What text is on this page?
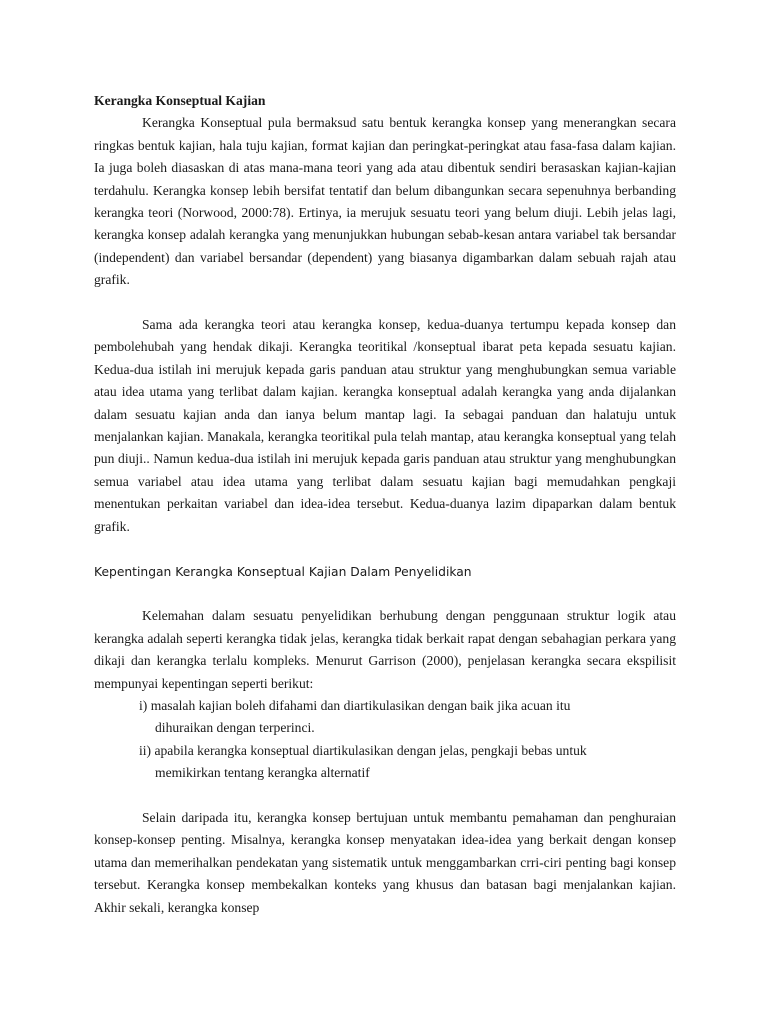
Kerangka Konseptual Kajian

Kerangka Konseptual pula bermaksud satu bentuk kerangka konsep yang menerangkan secara ringkas bentuk kajian, hala tuju kajian, format kajian dan peringkat-peringkat atau fasa-fasa dalam kajian. Ia juga boleh diasaskan di atas mana-mana teori yang ada atau dibentuk sendiri berasaskan kajian-kajian terdahulu. Kerangka konsep lebih bersifat tentatif dan belum dibangunkan secara sepenuhnya berbanding kerangka teori (Norwood, 2000:78). Ertinya, ia merujuk sesuatu teori yang belum diuji. Lebih jelas lagi, kerangka konsep adalah kerangka yang menunjukkan hubungan sebab-kesan antara variabel tak bersandar (independent) dan variabel bersandar (dependent) yang biasanya digambarkan dalam sebuah rajah atau grafik.

Sama ada kerangka teori atau kerangka konsep, kedua-duanya tertumpu kepada konsep dan pembolehubah yang hendak dikaji. Kerangka teoritikal /konseptual ibarat peta kepada sesuatu kajian. Kedua-dua istilah ini merujuk kepada garis panduan atau struktur yang menghubungkan semua variable atau idea utama yang terlibat dalam kajian. kerangka konseptual adalah kerangka yang anda dijalankan dalam sesuatu kajian anda dan ianya belum mantap lagi. Ia sebagai panduan dan halatuju untuk menjalankan kajian. Manakala, kerangka teoritikal pula telah mantap, atau kerangka konseptual yang telah pun diuji.. Namun kedua-dua istilah ini merujuk kepada garis panduan atau struktur yang menghubungkan semua variabel atau idea utama yang terlibat dalam sesuatu kajian bagi memudahkan pengkaji menentukan perkaitan variabel dan idea-idea tersebut. Kedua-duanya lazim dipaparkan dalam bentuk grafik.

Kepentingan Kerangka Konseptual Kajian Dalam Penyelidikan

Kelemahan dalam sesuatu penyelidikan berhubung dengan penggunaan struktur logik atau kerangka adalah seperti kerangka tidak jelas, kerangka tidak berkait rapat dengan sebahagian perkara yang dikaji dan kerangka terlalu kompleks. Menurut Garrison (2000), penjelasan kerangka secara ekspilisit mempunyai kepentingan seperti berikut:

i) masalah kajian boleh difahami dan diartikulasikan dengan baik jika acuan itu
dihuraikan dengan terperinci.
ii) apabila kerangka konseptual diartikulasikan dengan jelas, pengkaji bebas untuk
memikirkan tentang kerangka alternatif

Selain daripada itu, kerangka konsep bertujuan untuk membantu pemahaman dan penghuraian konsep-konsep penting. Misalnya, kerangka konsep menyatakan idea-idea yang berkait dengan konsep utama dan memerihalkan pendekatan yang sistematik untuk menggambarkan crri-ciri penting bagi konsep tersebut. Kerangka konsep membekalkan konteks yang khusus dan batasan bagi menjalankan kajian. Akhir sekali, kerangka konsep
